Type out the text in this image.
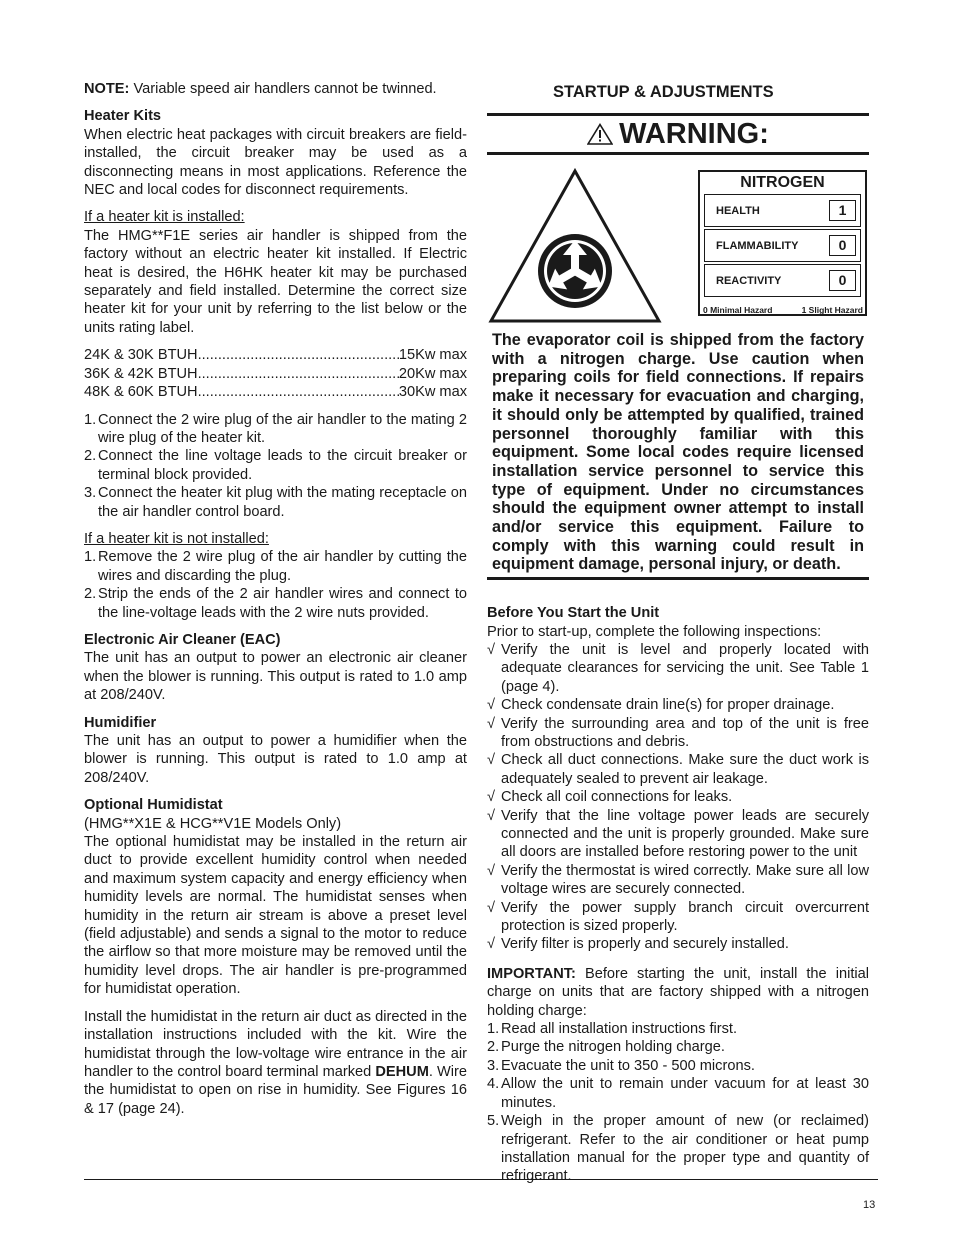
NOTE: Variable speed air handlers cannot be twinned.

Heater Kits

When electric heat packages with circuit breakers are field-installed, the circuit breaker may be used as a disconnecting means in most applications. Reference the NEC and local codes for disconnect requirements.

If a heater kit is installed:

The HMG**F1E series air handler is shipped from the factory without an electric heater kit installed. If Electric heat is desired, the H6HK heater kit may be purchased separately and field installed. Determine the correct size heater kit for your unit by referring to the list below or the units rating label.

24K & 30K BTUH .....	15Kw max
36K & 42K BTUH .....	20Kw max
48K & 60K BTUH .....	30Kw max
1. Connect the 2 wire plug of the air handler to the mating 2 wire plug of the heater kit.
2. Connect the line voltage leads to the circuit breaker or terminal block provided.
3. Connect the heater kit plug with the mating receptacle on the air handler control board.

If a heater kit is not installed:

1. Remove the 2 wire plug of the air handler by cutting the wires and discarding the plug.
2. Strip the ends of the 2 air handler wires and connect to the line-voltage leads with the 2 wire nuts provided.

Electronic Air Cleaner (EAC)

The unit has an output to power an electronic air cleaner when the blower is running. This output is rated to 1.0 amp at 208/240V.

Humidifier

The unit has an output to power a humidifier when the blower is running. This output is rated to 1.0 amp at 208/240V.

Optional Humidistat

(HMG**X1E & HCG**V1E Models Only)

The optional humidistat may be installed in the return air duct to provide excellent humidity control when needed and maximum system capacity and energy efficiency when humidity levels are normal. The humidistat senses when humidity in the return air stream is above a preset level (field adjustable) and sends a signal to the motor to reduce the airflow so that more moisture may be removed until the humidity level drops. The air handler is pre-programmed for humidistat operation.

Install the humidistat in the return air duct as directed in the installation instructions included with the kit. Wire the humidistat through the low-voltage wire entrance in the air handler to the control board terminal marked DEHUM. Wire the humidistat to open on rise in humidity. See Figures 16 & 17 (page 24).

STARTUP & ADJUSTMENTS
WARNING:
NITROGEN
HEALTH	1
FLAMMABILITY	0
REACTIVITY	0
0 Minimal Hazard	1 Slight Hazard

The evaporator coil is shipped from the factory with a nitrogen charge. Use caution when preparing coils for field connections. If repairs make it necessary for evacuation and charging, it should only be attempted by qualified, trained personnel thoroughly familiar with this equipment. Some local codes require licensed installation service personnel to service this type of equipment. Under no circumstances should the equipment owner attempt to install and/or service this equipment. Failure to comply with this warning could result in equipment damage, personal injury, or death.

Before You Start the Unit

Prior to start-up, complete the following inspections:

√ Verify the unit is level and properly located with adequate clearances for servicing the unit. See Table 1 (page 4).
√ Check condensate drain line(s) for proper drainage.
√ Verify the surrounding area and top of the unit is free from obstructions and debris.
√ Check all duct connections. Make sure the duct work is adequately sealed to prevent air leakage.
√ Check all coil connections for leaks.
√ Verify that the line voltage power leads are securely connected and the unit is properly grounded. Make sure all doors are installed before restoring power to the unit
√ Verify the thermostat is wired correctly. Make sure all low voltage wires are securely connected.
√ Verify the power supply branch circuit overcurrent protection is sized properly.
√ Verify filter is properly and securely installed.

IMPORTANT: Before starting the unit, install the initial charge on units that are factory shipped with a nitrogen holding charge:

1. Read all installation instructions first.
2. Purge the nitrogen holding charge.
3. Evacuate the unit to 350 - 500 microns.
4. Allow the unit to remain under vacuum for at least 30 minutes.
5. Weigh in the proper amount of new (or reclaimed) refrigerant. Refer to the air conditioner or heat pump installation manual for the proper type and quantity of refrigerant.
13
